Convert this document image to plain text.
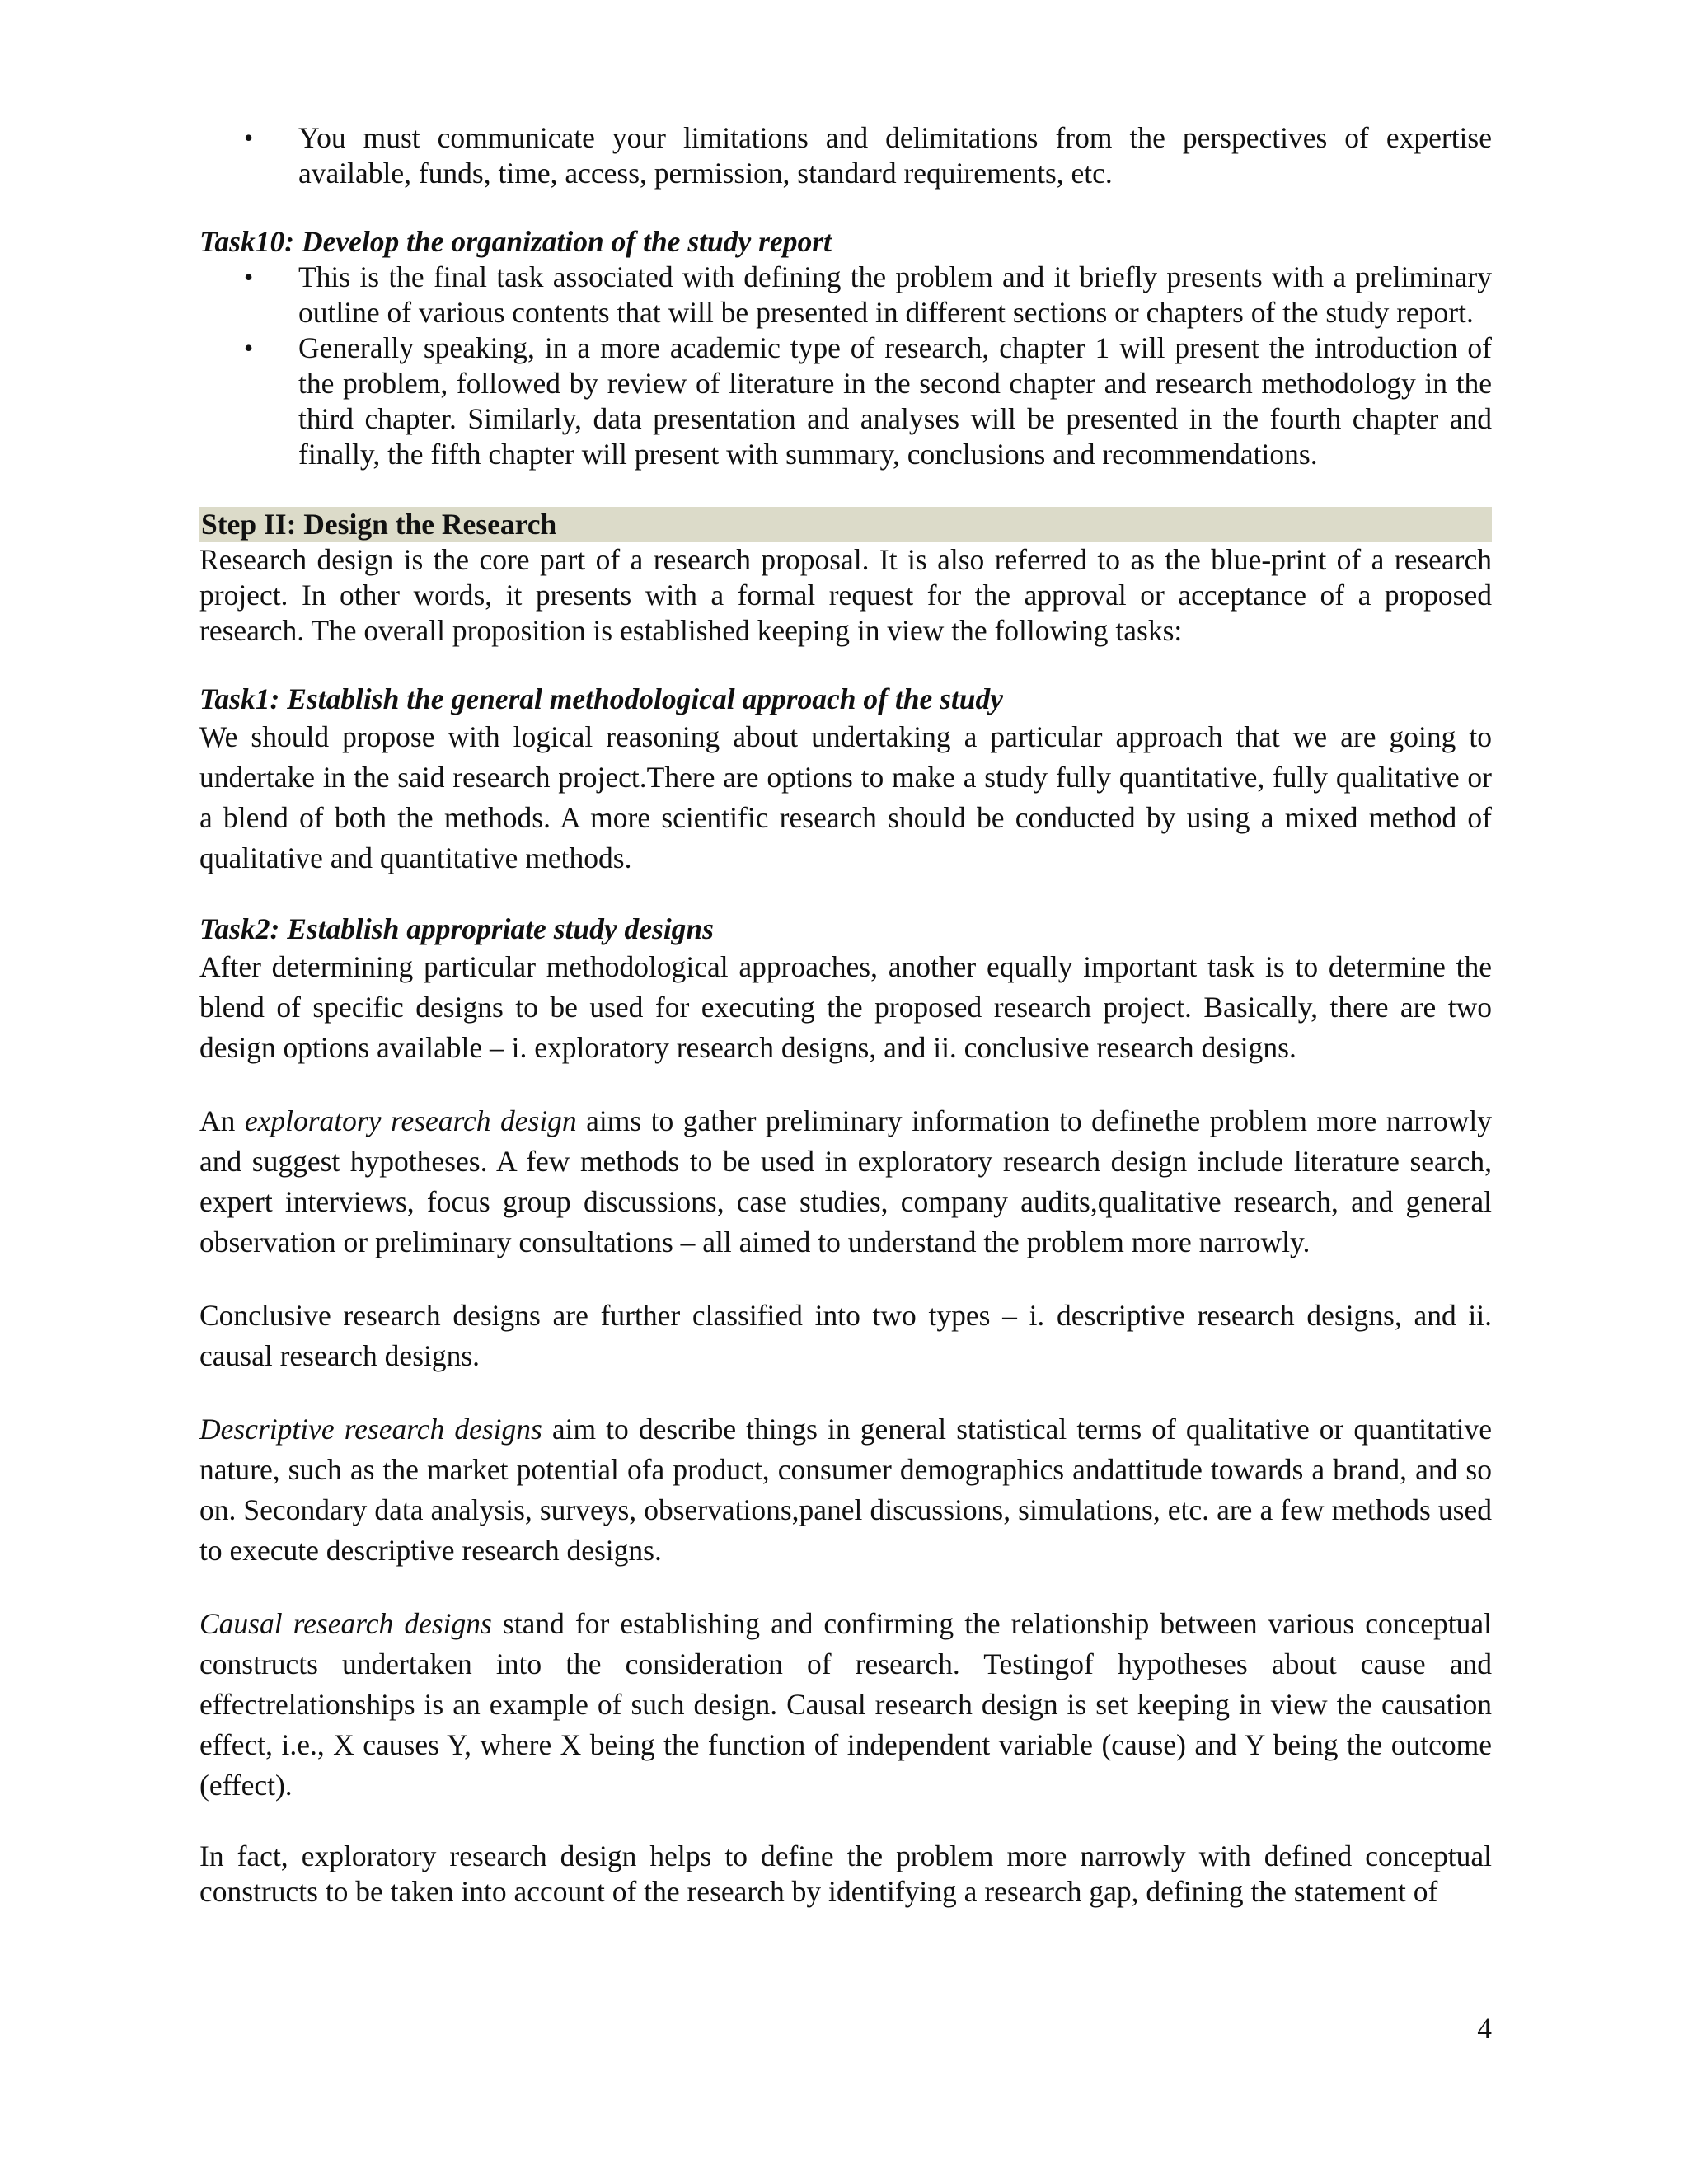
• You must communicate your limitations and delimitations from the perspectives of expertise available, funds, time, access, permission, standard requirements, etc.
Task10: Develop the organization of the study report
• This is the final task associated with defining the problem and it briefly presents with a preliminary outline of various contents that will be presented in different sections or chapters of the study report.
• Generally speaking, in a more academic type of research, chapter 1 will present the introduction of the problem, followed by review of literature in the second chapter and research methodology in the third chapter. Similarly, data presentation and analyses will be presented in the fourth chapter and finally, the fifth chapter will present with summary, conclusions and recommendations.
Step II: Design the Research
Research design is the core part of a research proposal. It is also referred to as the blue-print of a research project. In other words, it presents with a formal request for the approval or acceptance of a proposed research. The overall proposition is established keeping in view the following tasks:
Task1: Establish the general methodological approach of the study
We should propose with logical reasoning about undertaking a particular approach that we are going to undertake in the said research project.There are options to make a study fully quantitative, fully qualitative or a blend of both the methods. A more scientific research should be conducted by using a mixed method of qualitative and quantitative methods.
Task2: Establish appropriate study designs
After determining particular methodological approaches, another equally important task is to determine the blend of specific designs to be used for executing the proposed research project. Basically, there are two design options available – i. exploratory research designs, and ii. conclusive research designs.
An exploratory research design aims to gather preliminary information to definethe problem more narrowly and suggest hypotheses. A few methods to be used in exploratory research design include literature search, expert interviews, focus group discussions, case studies, company audits,qualitative research, and general observation or preliminary consultations – all aimed to understand the problem more narrowly.
Conclusive research designs are further classified into two types – i. descriptive research designs, and ii. causal research designs.
Descriptive research designs aim to describe things in general statistical terms of qualitative or quantitative nature, such as the market potential ofa product, consumer demographics andattitude towards a brand, and so on. Secondary data analysis, surveys, observations,panel discussions, simulations, etc. are a few methods used to execute descriptive research designs.
Causal research designs stand for establishing and confirming the relationship between various conceptual constructs undertaken into the consideration of research. Testingof hypotheses about cause and effectrelationships is an example of such design. Causal research design is set keeping in view the causation effect, i.e., X causes Y, where X being the function of independent variable (cause) and Y being the outcome (effect).
In fact, exploratory research design helps to define the problem more narrowly with defined conceptual constructs to be taken into account of the research by identifying a research gap, defining the statement of
4
